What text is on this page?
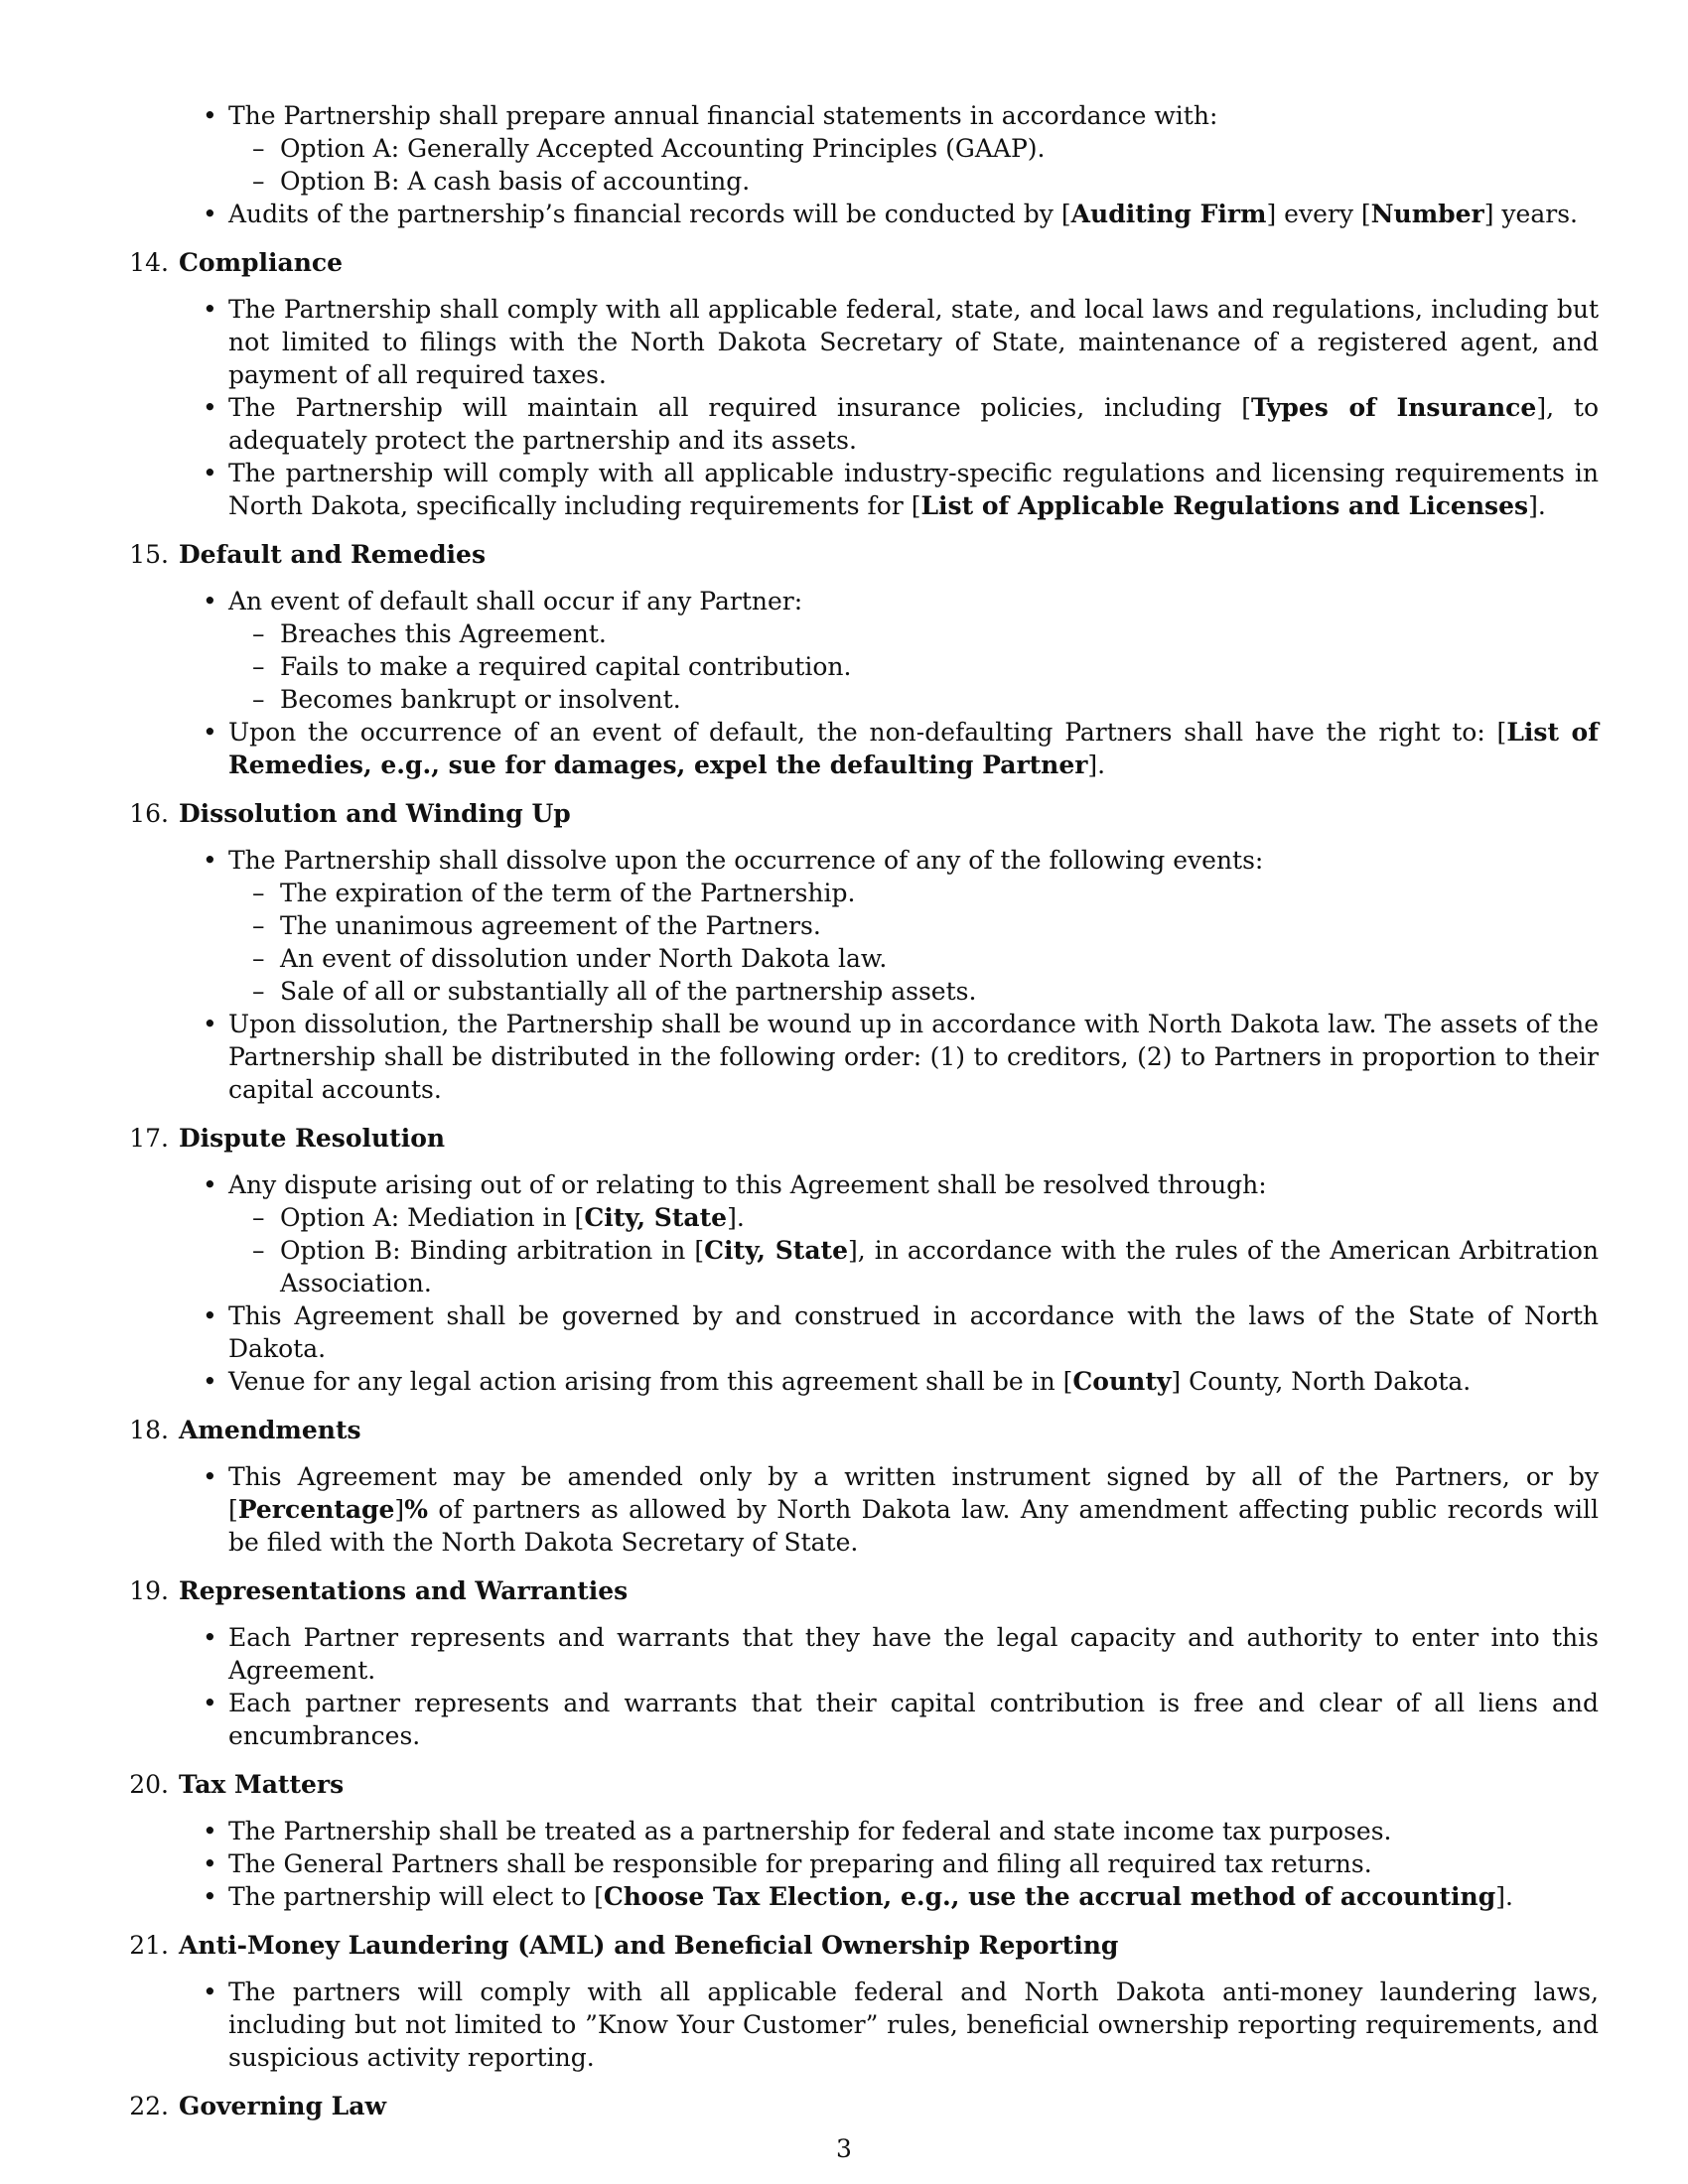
• The Partnership shall prepare annual financial statements in accordance with:
– Option A: Generally Accepted Accounting Principles (GAAP).
– Option B: A cash basis of accounting.
• Audits of the partnership’s financial records will be conducted by [Auditing Firm] every [Number] years.
14. Compliance
• The Partnership shall comply with all applicable federal, state, and local laws and regulations, including but not limited to filings with the North Dakota Secretary of State, maintenance of a registered agent, and payment of all required taxes.
• The Partnership will maintain all required insurance policies, including [Types of Insurance], to adequately protect the partnership and its assets.
• The partnership will comply with all applicable industry-specific regulations and licensing requirements in North Dakota, specifically including requirements for [List of Applicable Regulations and Licenses].
15. Default and Remedies
• An event of default shall occur if any Partner:
– Breaches this Agreement.
– Fails to make a required capital contribution.
– Becomes bankrupt or insolvent.
• Upon the occurrence of an event of default, the non-defaulting Partners shall have the right to: [List of Remedies, e.g., sue for damages, expel the defaulting Partner].
16. Dissolution and Winding Up
• The Partnership shall dissolve upon the occurrence of any of the following events:
– The expiration of the term of the Partnership.
– The unanimous agreement of the Partners.
– An event of dissolution under North Dakota law.
– Sale of all or substantially all of the partnership assets.
• Upon dissolution, the Partnership shall be wound up in accordance with North Dakota law. The assets of the Partnership shall be distributed in the following order: (1) to creditors, (2) to Partners in proportion to their capital accounts.
17. Dispute Resolution
• Any dispute arising out of or relating to this Agreement shall be resolved through:
– Option A: Mediation in [City, State].
– Option B: Binding arbitration in [City, State], in accordance with the rules of the American Arbitration Association.
• This Agreement shall be governed by and construed in accordance with the laws of the State of North Dakota.
• Venue for any legal action arising from this agreement shall be in [County] County, North Dakota.
18. Amendments
• This Agreement may be amended only by a written instrument signed by all of the Partners, or by [Percentage]% of partners as allowed by North Dakota law. Any amendment affecting public records will be filed with the North Dakota Secretary of State.
19. Representations and Warranties
• Each Partner represents and warrants that they have the legal capacity and authority to enter into this Agreement.
• Each partner represents and warrants that their capital contribution is free and clear of all liens and encumbrances.
20. Tax Matters
• The Partnership shall be treated as a partnership for federal and state income tax purposes.
• The General Partners shall be responsible for preparing and filing all required tax returns.
• The partnership will elect to [Choose Tax Election, e.g., use the accrual method of accounting].
21. Anti-Money Laundering (AML) and Beneficial Ownership Reporting
• The partners will comply with all applicable federal and North Dakota anti-money laundering laws, including but not limited to ”Know Your Customer” rules, beneficial ownership reporting requirements, and suspicious activity reporting.
22. Governing Law
3
